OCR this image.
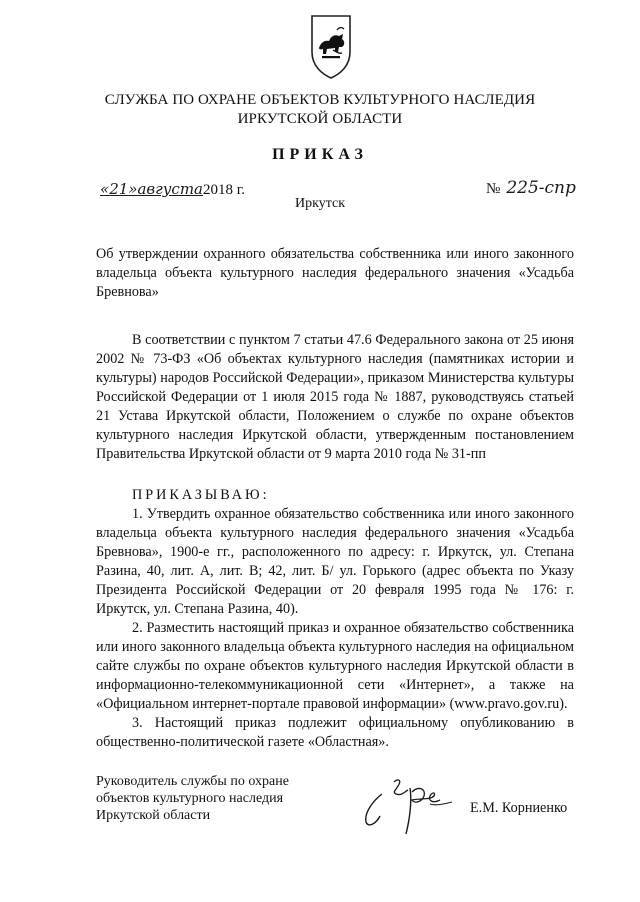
СЛУЖБА ПО ОХРАНЕ ОБЪЕКТОВ КУЛЬТУРНОГО НАСЛЕДИЯ
ИРКУТСКОЙ ОБЛАСТИ
ПРИКАЗ
«21»августа2018 г.	№ 225-спр
Иркутск
Об утверждении охранного обязательства собственника или иного законного владельца объекта культурного наследия федерального значения «Усадьба Бревнова»

В соответствии с пунктом 7 статьи 47.6 Федерального закона от 25 июня 2002 № 73-ФЗ «Об объектах культурного наследия (памятниках истории и культуры) народов Российской Федерации», приказом Министерства культуры Российской Федерации от 1 июля 2015 года № 1887, руководствуясь статьей 21 Устава Иркутской области, Положением о службе по охране объектов культурного наследия Иркутской области, утвержденным постановлением Правительства Иркутской области от 9 марта 2010 года № 31-пп

ПРИКАЗЫВАЮ:

1. Утвердить охранное обязательство собственника или иного законного владельца объекта культурного наследия федерального значения «Усадьба Бревнова», 1900-е гг., расположенного по адресу: г. Иркутск, ул. Степана Разина, 40, лит. А, лит. В; 42, лит. Б/ ул. Горького (адрес объекта по Указу Президента Российской Федерации от 20 февраля 1995 года № 176: г. Иркутск, ул. Степана Разина, 40).

2. Разместить настоящий приказ и охранное обязательство собственника или иного законного владельца объекта культурного наследия на официальном сайте службы по охране объектов культурного наследия Иркутской области в информационно-телекоммуникационной сети «Интернет», а также на «Официальном интернет-портале правовой информации» (www.pravo.gov.ru).

3. Настоящий приказ подлежит официальному опубликованию в общественно-политической газете «Областная».

Руководитель службы по охране
объектов культурного наследия
Иркутской области	Е.М. Корниенко
